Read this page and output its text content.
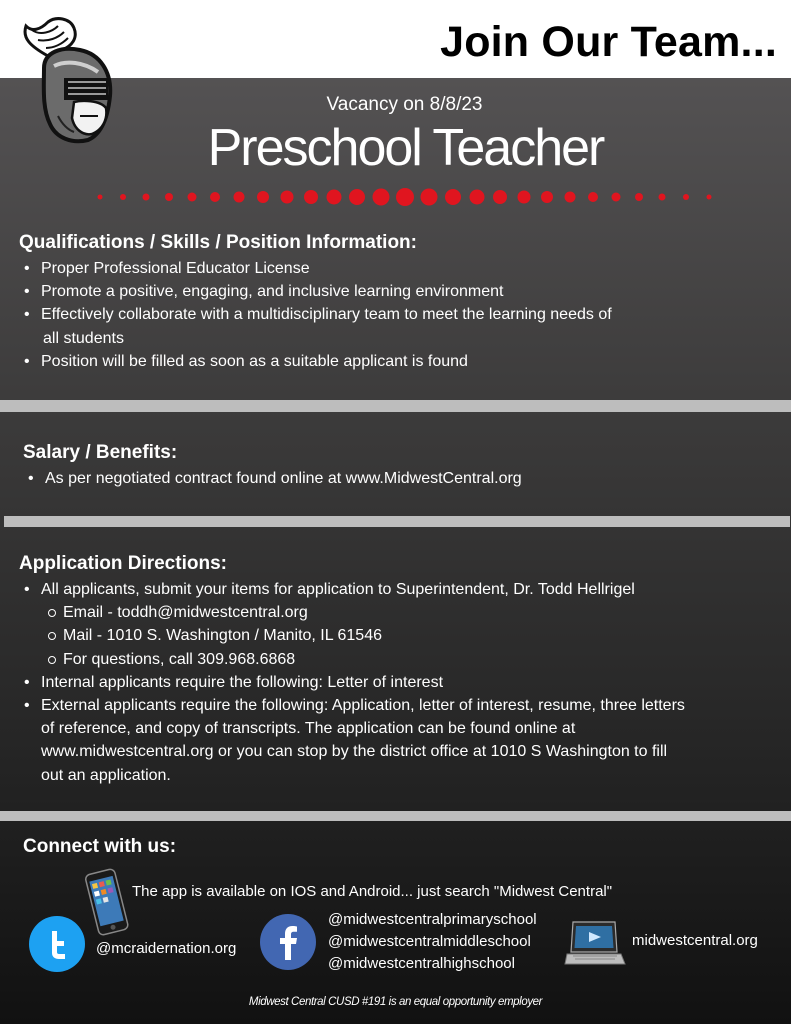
Join Our Team...
Vacancy on 8/8/23
Preschool Teacher
Qualifications / Skills / Position Information:
• Proper Professional Educator License
• Promote a positive, engaging, and inclusive learning environment
• Effectively collaborate with a multidisciplinary team to meet the learning needs of
all students
• Position will be filled as soon as a suitable applicant is found
Salary / Benefits:
• As per negotiated contract found online at www.MidwestCentral.org
Application Directions:
• All applicants, submit your items for application to Superintendent, Dr. Todd Hellrigel
Email - toddh@midwestcentral.org
Mail - 1010 S. Washington / Manito, IL 61546
For questions, call 309.968.6868
• Internal applicants require the following: Letter of interest
• External applicants require the following: Application, letter of interest, resume, three letters
of reference, and copy of transcripts. The application can be found online at
www.midwestcentral.org or you can stop by the district office at 1010 S Washington to fill
out an application.
Connect with us:
The app is available on IOS and Android... just search "Midwest Central"
@mcraidernation.org
@midwestcentralprimaryschool
@midwestcentralmiddleschool
@midwestcentralhighschool
midwestcentral.org
Midwest Central CUSD #191 is an equal opportunity employer
